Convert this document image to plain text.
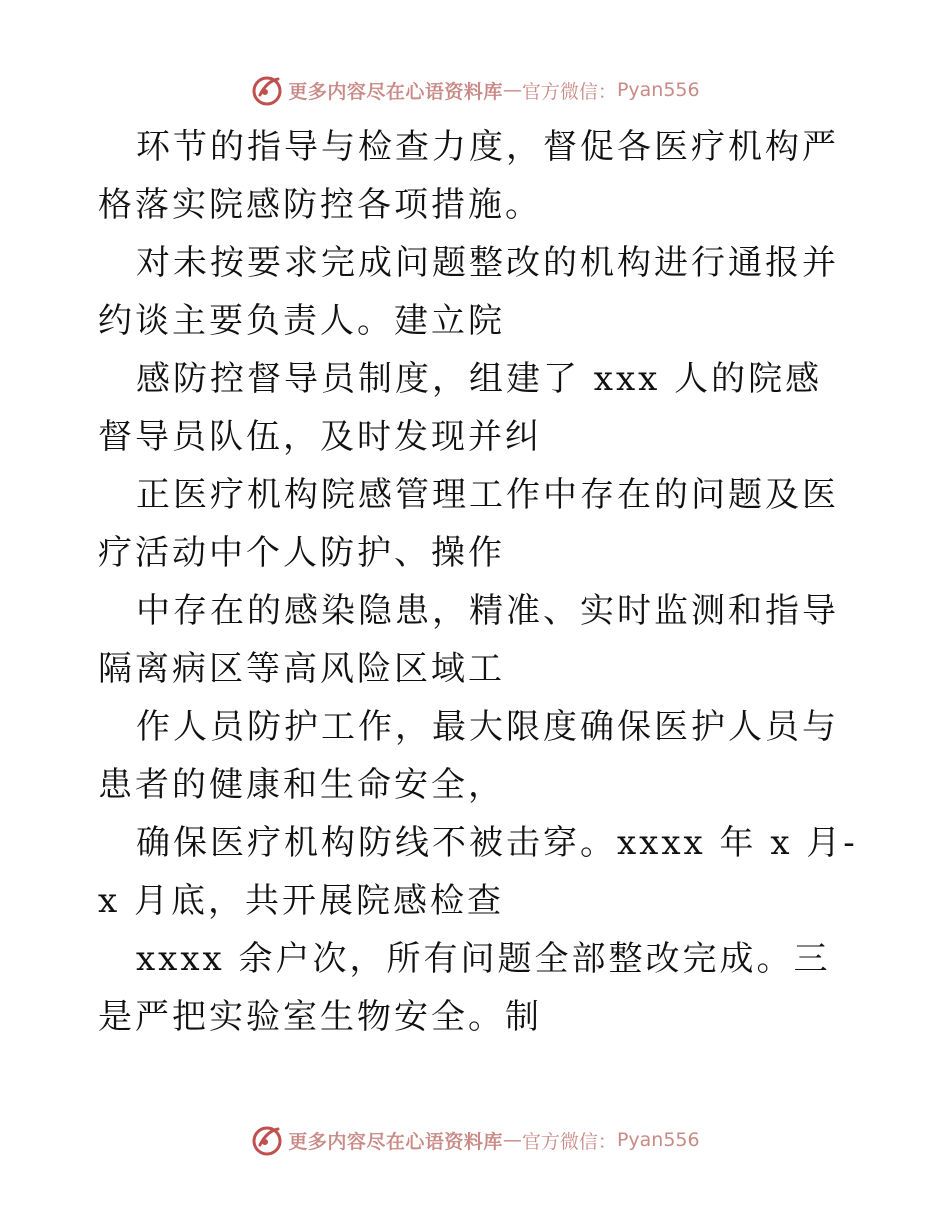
更多内容尽在心语资料库 — 官方微信： Pyan556

环节的指导与检查力度，督促各医疗机构严格落实院感防控各项措施。

对未按要求完成问题整改的机构进行通报并约谈主要负责人。建立院

感防控督导员制度，组建了 xxx 人的院感督导员队伍，及时发现并纠

正医疗机构院感管理工作中存在的问题及医疗活动中个人防护、操作

中存在的感染隐患，精准、实时监测和指导隔离病区等高风险区域工

作人员防护工作，最大限度确保医护人员与患者的健康和生命安全，

确保医疗机构防线不被击穿。xxxx 年 x 月-x 月底，共开展院感检查

xxxx 余户次，所有问题全部整改完成。三是严把实验室生物安全。制

更多内容尽在心语资料库 — 官方微信： Pyan556
